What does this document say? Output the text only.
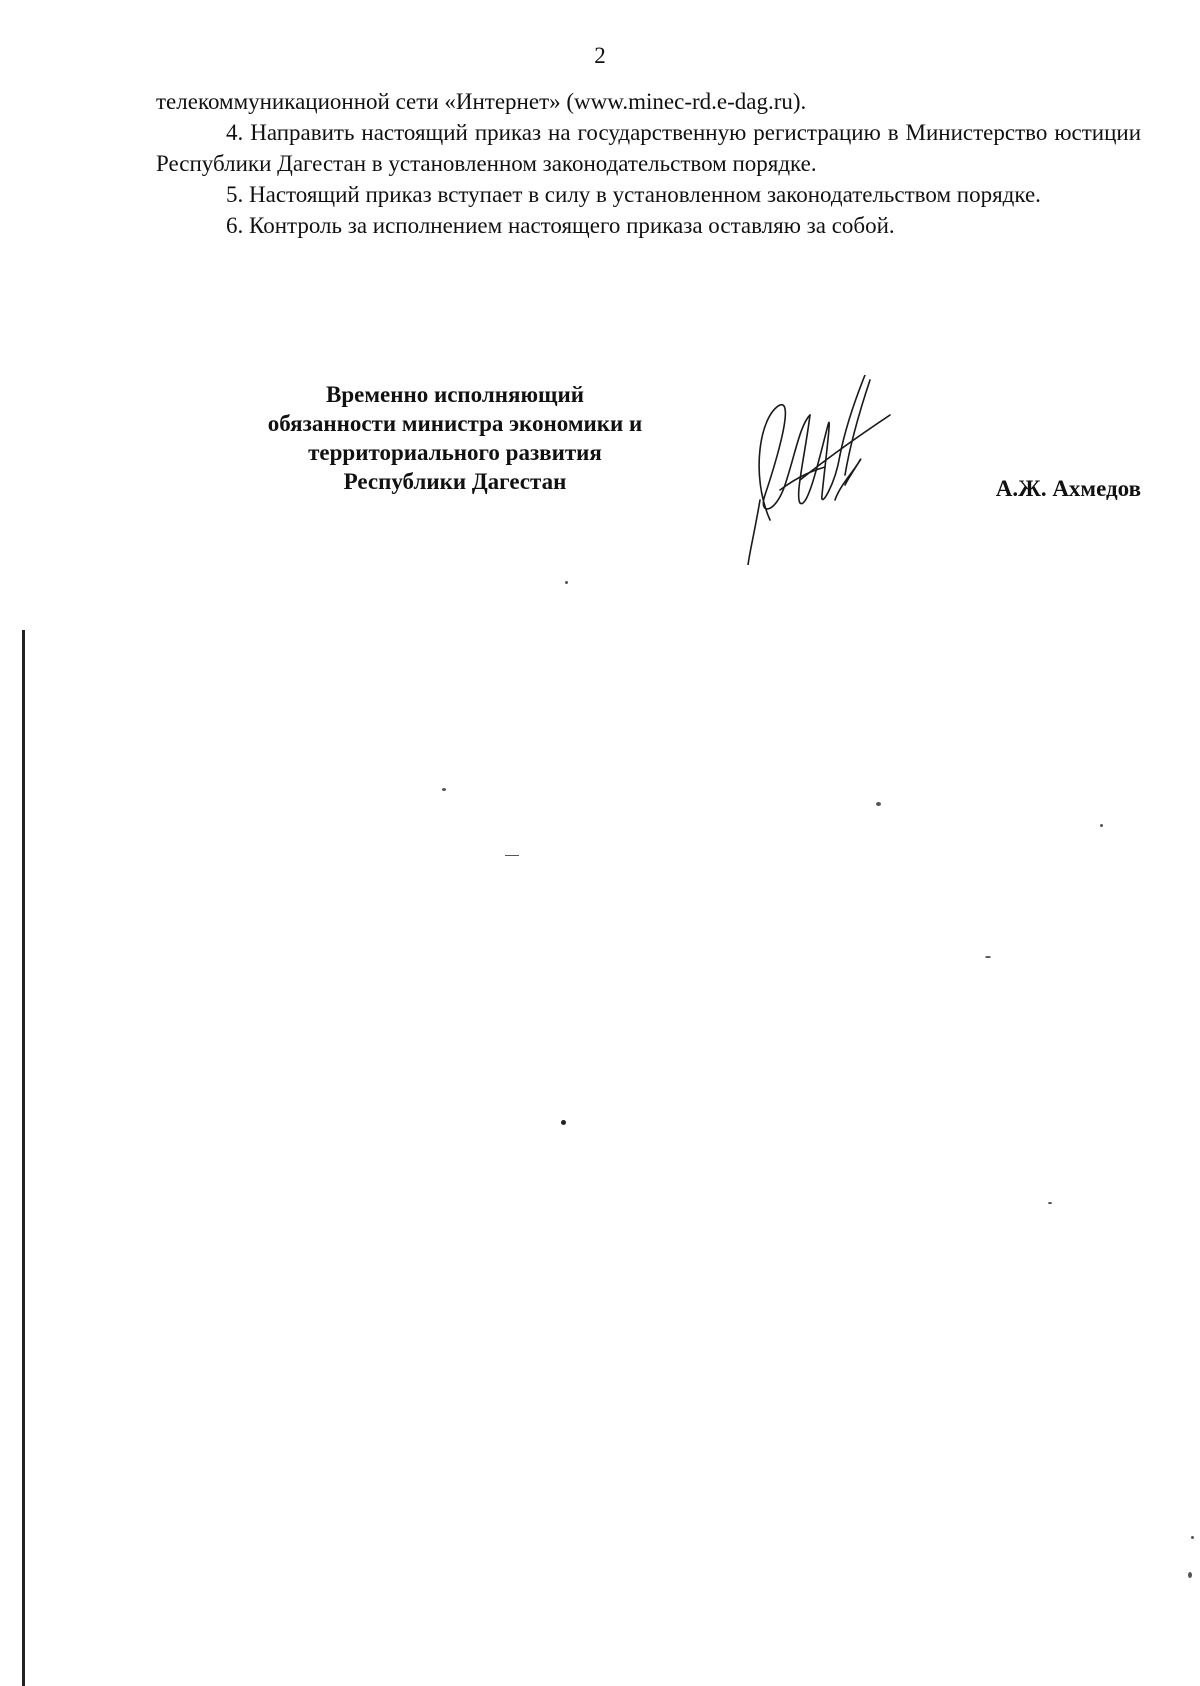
2

телекоммуникационной сети «Интернет» (www.minec-rd.e-dag.ru).

4. Направить настоящий приказ на государственную регистрацию в Министерство юстиции Республики Дагестан в установленном законодательством порядке.

5. Настоящий приказ вступает в силу в установленном законодательством порядке.

6. Контроль за исполнением настоящего приказа оставляю за собой.

Временно исполняющий
обязанности министра экономики и
территориального развития
Республики Дагестан	А.Ж. Ахмедов
